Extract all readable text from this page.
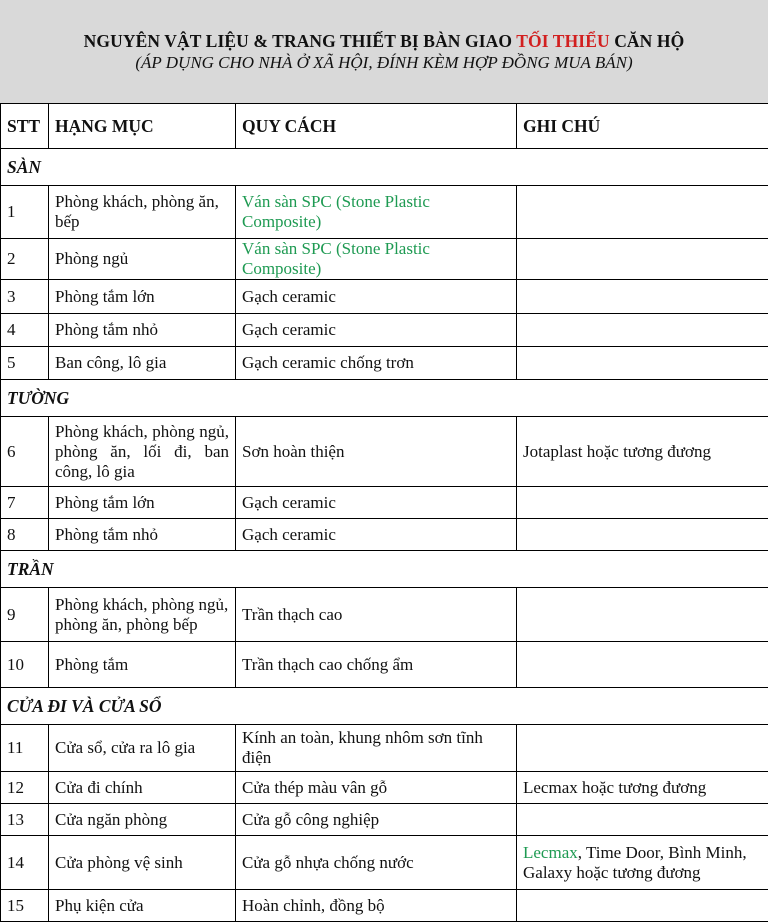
NGUYÊN VẬT LIỆU & TRANG THIẾT BỊ BÀN GIAO TỐI THIỂU CĂN HỘ
(ÁP DỤNG CHO NHÀ Ở XÃ HỘI, ĐÍNH KÈM HỢP ĐỒNG MUA BÁN)
STT	HẠNG MỤC	QUY CÁCH	GHI CHÚ
SÀN			
1	Phòng khách, phòng ăn, bếp	Ván sàn SPC (Stone Plastic Composite)	
2	Phòng ngủ	Ván sàn SPC (Stone Plastic Composite)	
3	Phòng tắm lớn	Gạch ceramic	
4	Phòng tắm nhỏ	Gạch ceramic	
5	Ban công, lô gia	Gạch ceramic chống trơn	
TƯỜNG			
6	Phòng khách, phòng ngủ, phòng ăn, lối đi, ban công, lô gia	Sơn hoàn thiện	Jotaplast hoặc tương đương
7	Phòng tắm lớn	Gạch ceramic	
8	Phòng tắm nhỏ	Gạch ceramic	
TRẦN			
9	Phòng khách, phòng ngủ, phòng ăn, phòng bếp	Trần thạch cao	
10	Phòng tắm	Trần thạch cao chống ẩm	
CỬA ĐI VÀ CỬA SỔ			
11	Cửa sổ, cửa ra lô gia	Kính an toàn, khung nhôm sơn tĩnh điện	
12	Cửa đi chính	Cửa thép màu vân gỗ	Lecmax hoặc tương đương
13	Cửa ngăn phòng	Cửa gỗ công nghiệp	
14	Cửa phòng vệ sinh	Cửa gỗ nhựa chống nước	Lecmax, Time Door, Bình Minh, Galaxy hoặc tương đương
15	Phụ kiện cửa	Hoàn chỉnh, đồng bộ	
